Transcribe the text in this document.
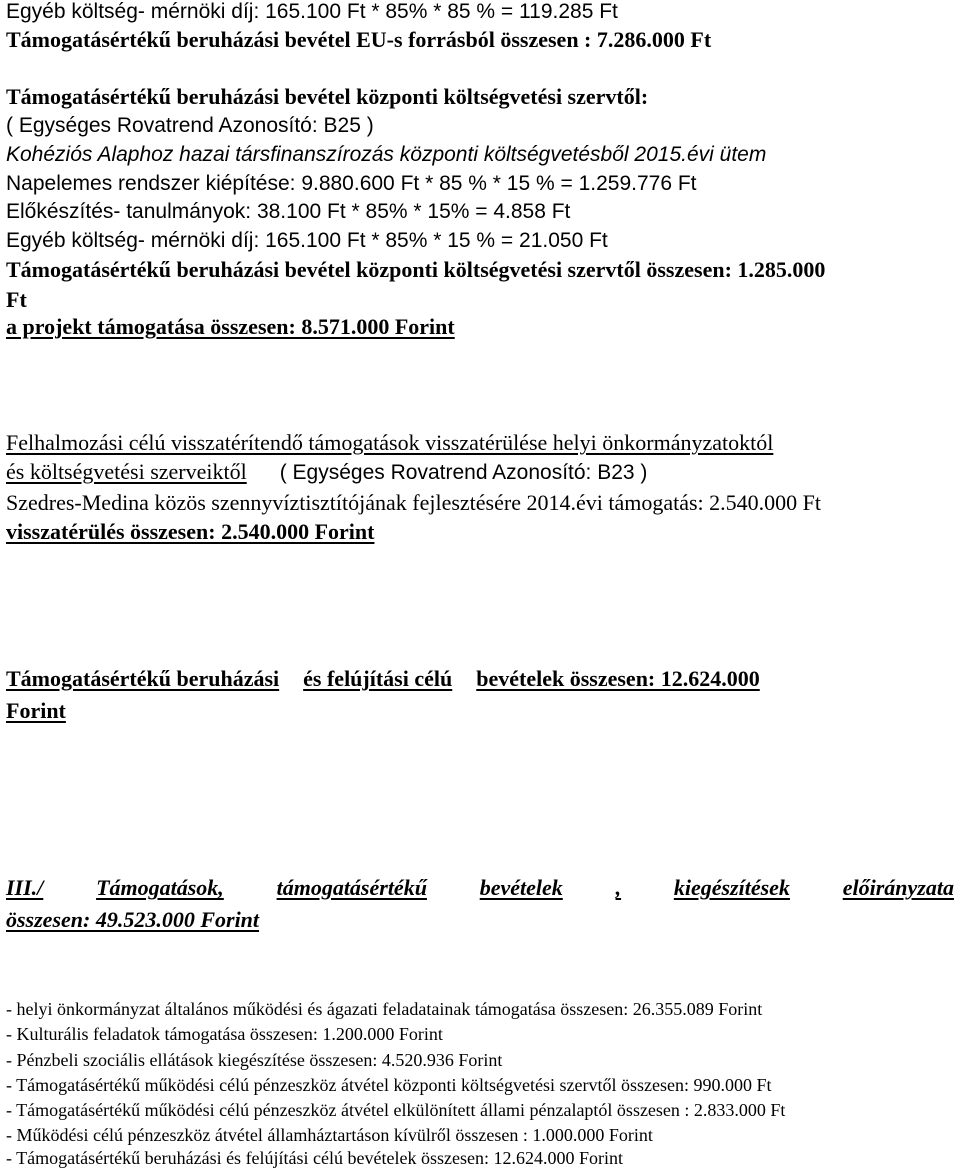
Egyéb költség- mérnöki díj: 165.100 Ft * 85% * 85 % = 119.285 Ft
Támogatásértékű beruházási bevétel EU-s forrásból összesen : 7.286.000 Ft
Támogatásértékű beruházási bevétel központi költségvetési szervtől:
( Egységes Rovatrend Azonosító: B25 )
Kohéziós Alaphoz hazai társfinanszírozás központi költségvetésből 2015.évi ütem
Napelemes rendszer kiépítése: 9.880.600 Ft * 85 % * 15 % = 1.259.776 Ft
Előkészítés- tanulmányok: 38.100 Ft * 85% * 15% = 4.858 Ft
Egyéb költség- mérnöki díj: 165.100 Ft * 85% * 15 % = 21.050 Ft
Támogatásértékű beruházási bevétel központi költségvetési szervtől összesen: 1.285.000
Ft
a projekt támogatása összesen: 8.571.000 Forint
Felhalmozási célú visszatérítendő támogatások visszatérülése helyi önkormányzatoktól
és költségvetési szerveiktől ( Egységes Rovatrend Azonosító: B23 )
Szedres-Medina közös szennyvíztisztítójának fejlesztésére 2014.évi támogatás: 2.540.000 Ft
visszatérülés összesen: 2.540.000 Forint
Támogatásértékű beruházási és felújítási célú bevételek összesen: 12.624.000
Forint
III./ Támogatások, támogatásértékű bevételek , kiegészítések előirányzata
összesen: 49.523.000 Forint
- helyi önkormányzat általános működési és ágazati feladatainak támogatása összesen: 26.355.089 Forint
- Kulturális feladatok támogatása összesen: 1.200.000 Forint
- Pénzbeli szociális ellátások kiegészítése összesen: 4.520.936 Forint
- Támogatásértékű működési célú pénzeszköz átvétel központi költségvetési szervtől összesen: 990.000 Ft
- Támogatásértékű működési célú pénzeszköz átvétel elkülönített állami pénzalaptól összesen : 2.833.000 Ft
- Működési célú pénzeszköz átvétel államháztartáson kívülről összesen : 1.000.000 Forint
- Támogatásértékű beruházási és felújítási célú bevételek összesen: 12.624.000 Forint
